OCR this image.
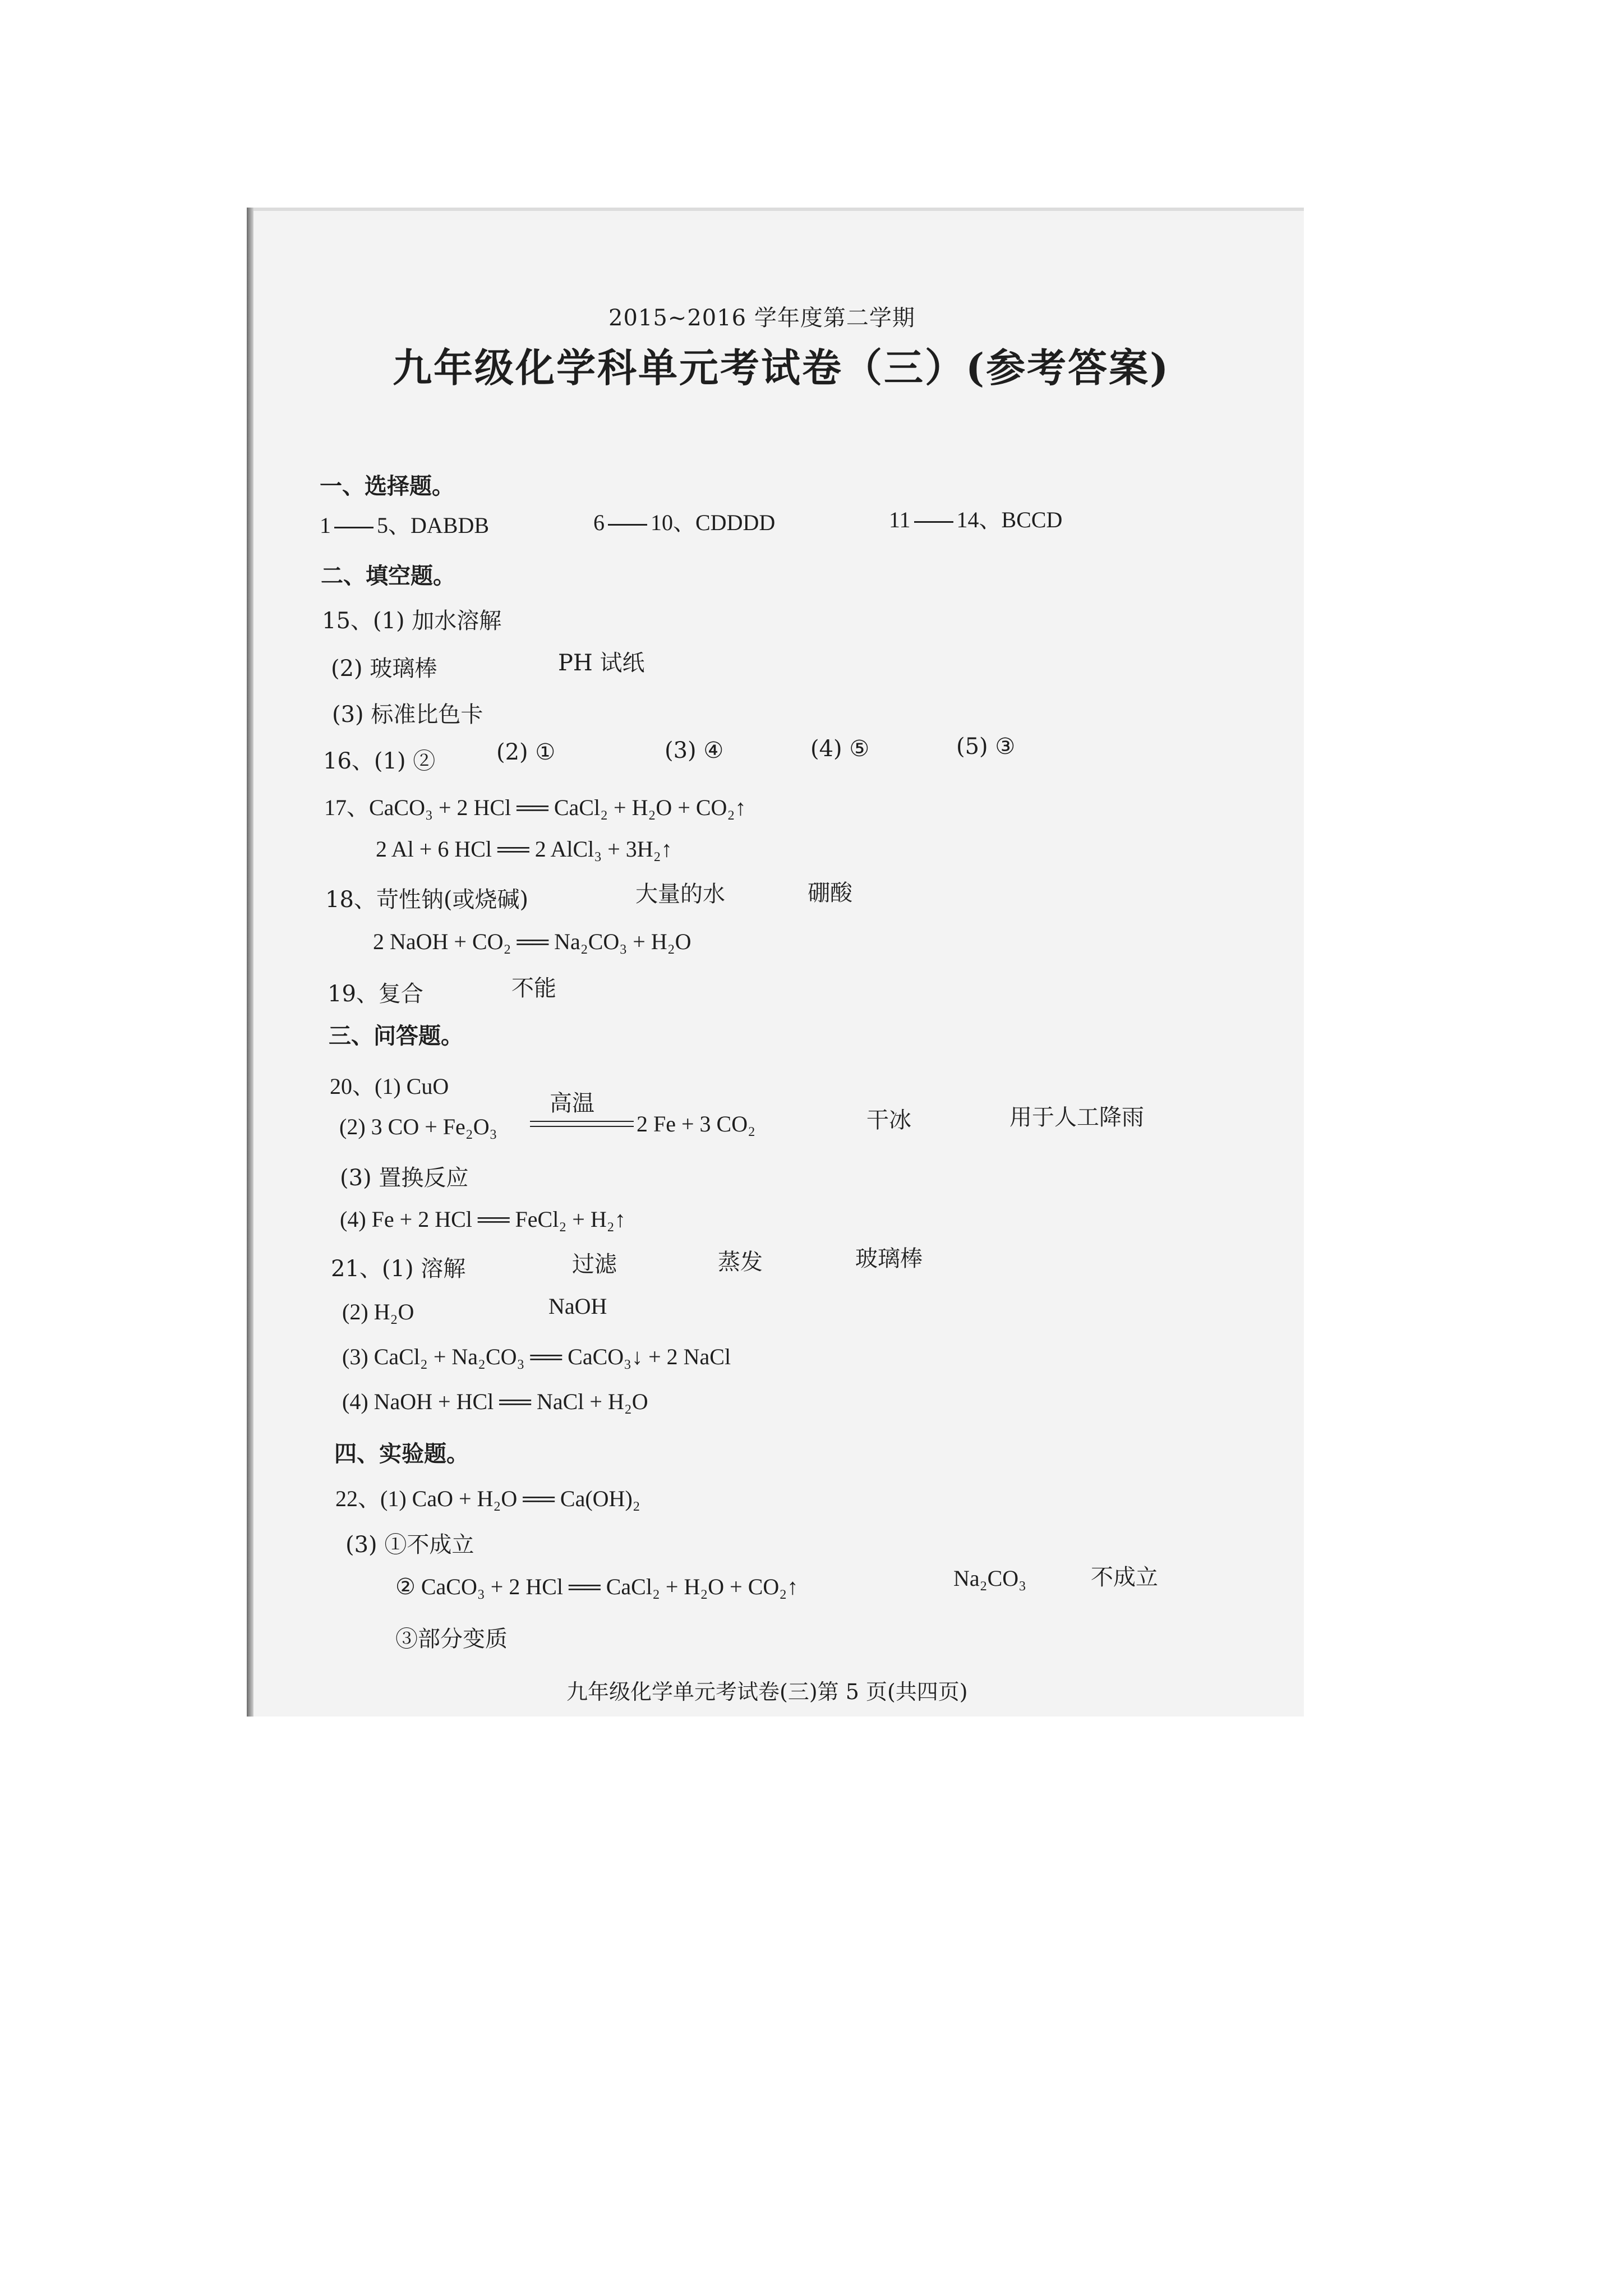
2015~2016 学年度第二学期
九年级化学科单元考试卷（三）(参考答案)
一、选择题。
1 5、DABDB	6 10、CDDDD	11 14、BCCD
二、填空题。
15、(1) 加水溶解
(2) 玻璃棒	PH 试纸
(3) 标准比色卡
16、(1) ②	(2) ①	(3) ④	(4) ⑤	(5) ③
17、CaCO₃ + 2 HCl ══ CaCl₂ + H₂O + CO₂↑
2 Al + 6 HCl ══ 2 AlCl₃ + 3H₂↑
18、苛性钠(或烧碱)	大量的水	硼酸
2 NaOH + CO₂ ══ Na₂CO₃ + H₂O
19、复合	不能
三、问答题。
20、(1) CuO
(2) 3 CO + Fe₂O₃
高温
2 Fe + 3 CO₂	干冰	用于人工降雨
(3) 置换反应
(4) Fe + 2 HCl ══ FeCl₂ + H₂↑
21、(1) 溶解	过滤	蒸发	玻璃棒
(2) H₂O	NaOH
(3) CaCl₂ + Na₂CO₃ ══ CaCO₃↓ + 2 NaCl
(4) NaOH + HCl ══ NaCl + H₂O
四、实验题。
22、(1) CaO + H₂O ══ Ca(OH)₂
(3) ①不成立
② CaCO₃ + 2 HCl ══ CaCl₂ + H₂O + CO₂↑	Na₂CO₃	不成立
③部分变质
九年级化学单元考试卷(三)第 5 页(共四页)
